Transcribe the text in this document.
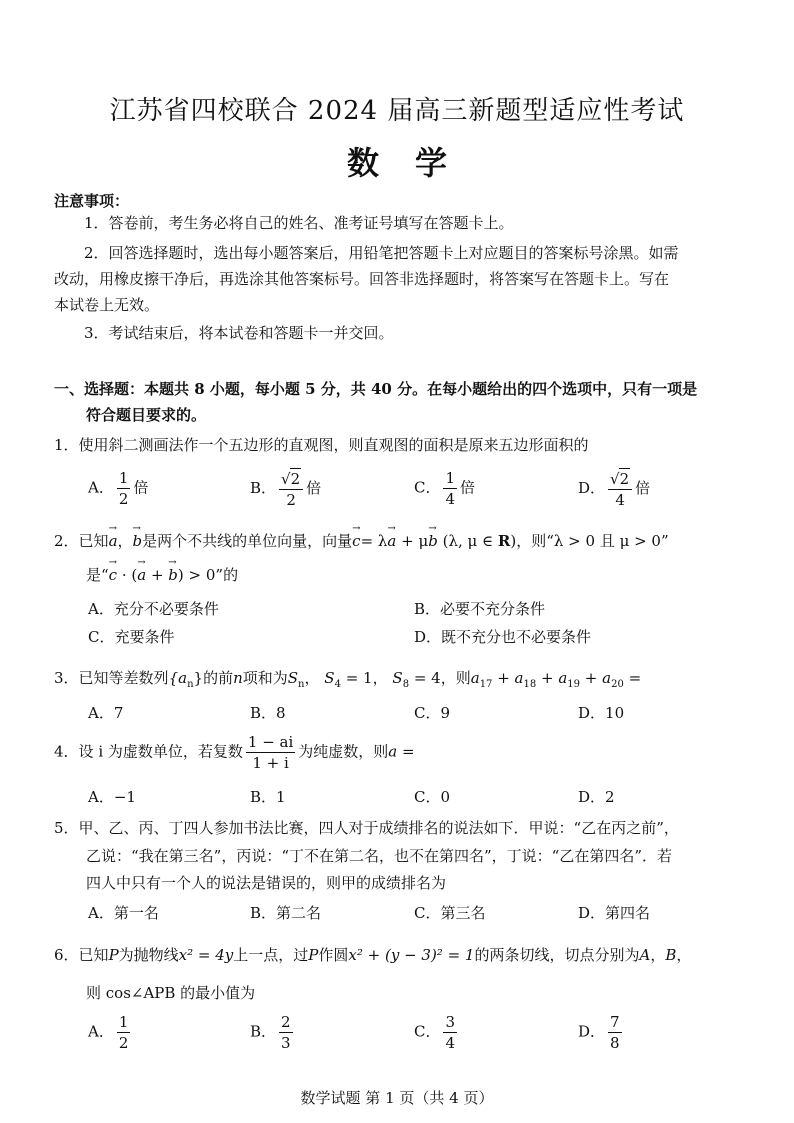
江苏省四校联合 2024 届高三新题型适应性考试
数学
注意事项：
1．答卷前，考生务必将自己的姓名、准考证号填写在答题卡上。
2．回答选择题时，选出每小题答案后，用铅笔把答题卡上对应题目的答案标号涂黑。如需
改动，用橡皮擦干净后，再选涂其他答案标号。回答非选择题时，将答案写在答题卡上。写在
本试卷上无效。
3．考试结束后，将本试卷和答题卡一并交回。
一、选择题：本题共 8 小题，每小题 5 分，共 40 分。在每小题给出的四个选项中，只有一项是
符合题目要求的。
1．使用斜二测画法作一个五边形的直观图，则直观图的面积是原来五边形面积的
A． $\frac{1}{2}$ 倍	B． $\frac{√2}{2}$ 倍	C． $\frac{1}{4}$ 倍	D． $\frac{√2}{4}$ 倍
2．已知→ a，→ b是两个不共线的单位向量，向量→ c= λ→ a + μ→ b (λ, μ ∈ R)，则“λ > 0 且 μ > 0”
是“→ c · (→ a + → b) > 0”的
A．充分不必要条件	B．必要不充分条件
C．充要条件	D．既不充分也不必要条件
3．已知等差数列$\{a_n\}$的前n项和为$S_n$， $S_4 = 1$， $S_8 = 4$，则$a_{17} + a_{18} + a_{19} + a_{20}$ =
A．7	B．8	C．9	D．10
4．设 i 为虚数单位，若复数 $\frac{1 - ai}{1 + i}$ 为纯虚数，则a =
A．−1	B．1	C．0	D．2
5．甲、乙、丙、丁四人参加书法比赛，四人对于成绩排名的说法如下．甲说：“乙在丙之前”，
乙说：“我在第三名”，丙说：“丁不在第二名，也不在第四名”，丁说：“乙在第四名”．若
四人中只有一个人的说法是错误的，则甲的成绩排名为
A．第一名	B．第二名	C．第三名	D．第四名
6．已知P为抛物线x² = 4y上一点，过P作圆x² + (y − 3)² = 1的两条切线，切点分别为A，B，
则 cos∠APB 的最小值为
A． $\frac{1}{2}$	B． $\frac{2}{3}$	C． $\frac{3}{4}$	D． $\frac{7}{8}$
数学试题 第 1 页（共 4 页）
